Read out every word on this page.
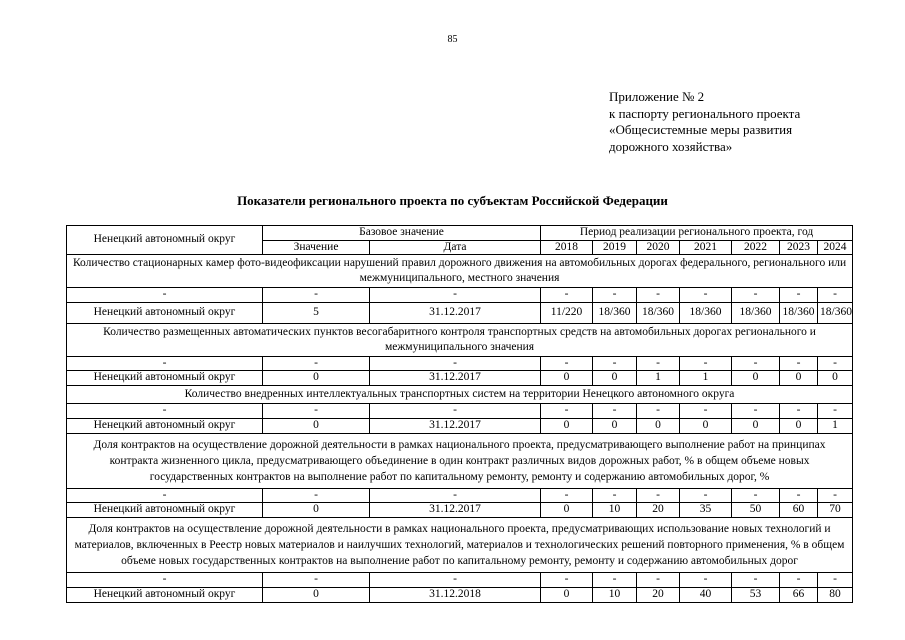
85
Приложение № 2
к паспорту регионального проекта
«Общесистемные меры развития
дорожного хозяйства»
Показатели регионального проекта по субъектам Российской Федерации
Ненецкий автономный округ	Базовое значение		Период реализации регионального проекта, год						
	Значение	Дата	2018	2019	2020	2021	2022	2023	2024
Количество стационарных камер фото-видеофиксации нарушений правил дорожного движения на автомобильных дорогах федерального, регионального или межмуниципального, местного значения									
-	-	-	-	-	-	-	-	-	-
Ненецкий автономный округ	5	31.12.2017	11/220	18/360	18/360	18/360	18/360	18/360	18/360
Количество размещенных автоматических пунктов весогабаритного контроля транспортных средств на автомобильных дорогах регионального и межмуниципального значения									
-	-	-	-	-	-	-	-	-	-
Ненецкий автономный округ	0	31.12.2017	0	0	1	1	0	0	0
Количество внедренных интеллектуальных транспортных систем на территории Ненецкого автономного округа									
-	-	-	-	-	-	-	-	-	-
Ненецкий автономный округ	0	31.12.2017	0	0	0	0	0	0	1
Доля контрактов на осуществление дорожной деятельности в рамках национального проекта, предусматривающего выполнение работ на принципах контракта жизненного цикла, предусматривающего объединение в один контракт различных видов дорожных работ, % в общем объеме новых государственных контрактов на выполнение работ по капитальному ремонту, ремонту и содержанию автомобильных дорог, %									
-	-	-	-	-	-	-	-	-	-
Ненецкий автономный округ	0	31.12.2017	0	10	20	35	50	60	70
Доля контрактов на осуществление дорожной деятельности в рамках национального проекта, предусматривающих использование новых технологий и материалов, включенных в Реестр новых материалов и наилучших технологий, материалов и технологических решений повторного применения, % в общем объеме новых государственных контрактов на выполнение работ по капитальному ремонту, ремонту и содержанию автомобильных дорог									
-	-	-	-	-	-	-	-	-	-
Ненецкий автономный округ	0	31.12.2018	0	10	20	40	53	66	80
